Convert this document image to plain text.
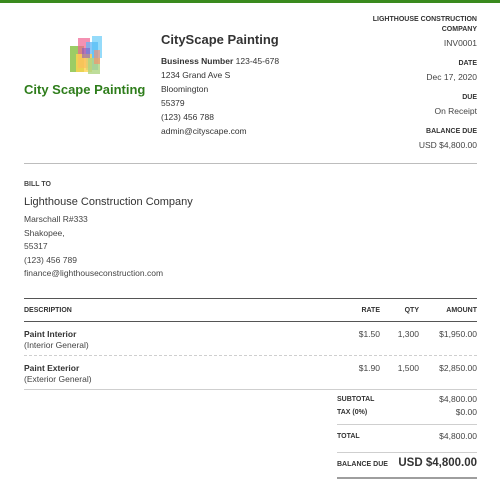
City Scape Painting
CityScape Painting
Business Number 123-45-678
1234 Grand Ave S
Bloomington
55379
(123) 456 788
admin@cityscape.com
LIGHTHOUSE CONSTRUCTION COMPANY
INV0001
DATE
Dec 17, 2020
DUE
On Receipt
BALANCE DUE
USD $4,800.00
BILL TO
Lighthouse Construction Company
Marschall R#333
Shakopee,
55317
(123) 456 789
finance@lighthouseconstruction.com
DESCRIPTION	RATE	QTY	AMOUNT
Paint Interior
(Interior General)
$1.50 1,300 $1,950.00
Paint Exterior
(Exterior General)
$1.90 1,500 $2,850.00
SUBTOTAL	$4,800.00
TAX (0%)	$0.00
TOTAL	$4,800.00
BALANCE DUE USD $4,800.00
